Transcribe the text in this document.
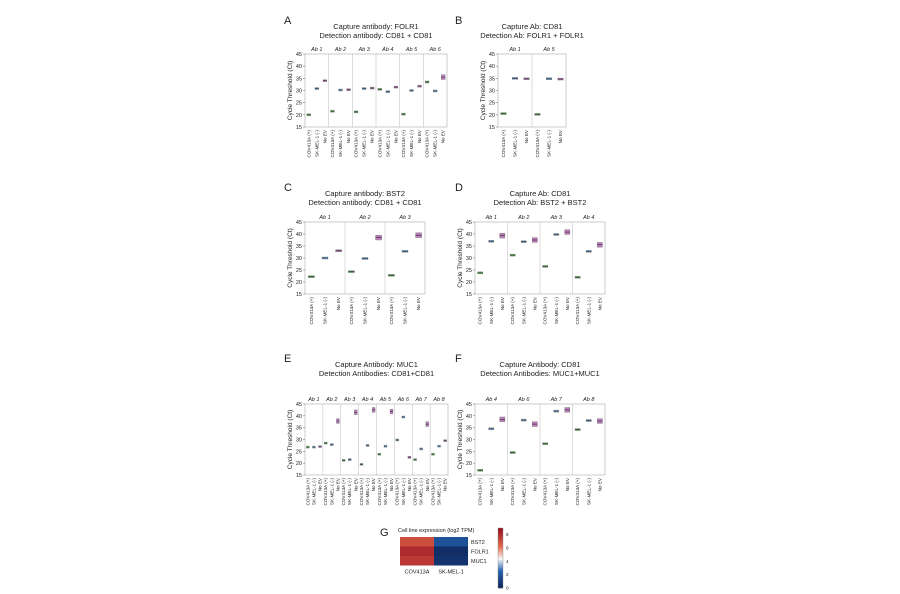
A	Capture antibody: FOLR1
Detection antibody: CD81 + CD81
15
20
25
30
35
40
45
Cycle Threshold (Ct)
Ab 1
COV413A (+) SK-MEL-1 (-) No EV
Ab 2
COV413A (+) SK-MEL-1 (-) No EV
Ab 3
COV413A (+) SK-MEL-1 (-) No EV
Ab 4
COV413A (+) SK-MEL-1 (-) No EV
Ab 5
COV413A (+) SK-MEL-1 (-) No EV
Ab 6
COV413A (+) SK-MEL-1 (-) No EV
B	Capture Ab: CD81
Detection Ab: FOLR1 + FOLR1
15
20
25
30
35
40
45
Cycle Threshold (Ct)
Ab 1
COV413A (+) SK-MEL-1 (-) No EV
Ab 5
COV413A (+) SK-MEL-1 (-) No EV
C	Capture antibody: BST2
Detection antibody: CD81 + CD81
15
20
25
30
35
40
45
Cycle Threshold (Ct)
Ab 1
COV413A (+) SK-MEL-1 (-) No EV
Ab 2
COV413A (+) SK-MEL-1 (-) No EV
Ab 3
COV413A (+) SK-MEL-1 (-) No EV
D	Capture Ab: CD81
Detection Ab: BST2 + BST2
15
20
25
30
35
40
45
Cycle Threshold (Ct)
Ab 1
COV413A (+) SK-MEL-1 (-) No EV
Ab 2
COV413A (+) SK-MEL-1 (-) No EV
Ab 3
COV413A (+) SK-MEL-1 (-) No EV
Ab 4
COV413A (+) SK-MEL-1 (-) No EV
E	Capture Antibody: MUC1
Detection Antibodies: CD81+CD81
15
20
25
30
35
40
45
Cycle Threshold (Ct)
Ab 1
COV413A (+) SK-MEL-1 (-) No EV
Ab 2
COV413A (+) SK-MEL-1 (-) No EV
Ab 3
COV413A (+) SK-MEL-1 (-) No EV
Ab 4
COV413A (+) SK-MEL-1 (-) No EV
Ab 5
COV413A (+) SK-MEL-1 (-) No EV
Ab 6
COV413A (+) SK-MEL-1 (-) No EV
Ab 7
COV413A (+) SK-MEL-1 (-) No EV
Ab 8
COV413A (+) SK-MEL-1 (-) No EV
F	Capture Antibody: CD81
Detection Antibodies: MUC1+MUC1
15
20
25
30
35
40
45
Cycle Threshold (Ct)
Ab 4
COV413A (+) SK-MEL-1 (-) No EV
Ab 6
COV413A (+) SK-MEL-1 (-) No EV
Ab 7
COV413A (+) SK-MEL-1 (-) No EV
Ab 8
COV413A (+) SK-MEL-1 (-) No EV
G Cell line expression (log2 TPM)
BST2
FOLR1
MUC1
COV413A SK-MEL-1
0
2
4
6
8
